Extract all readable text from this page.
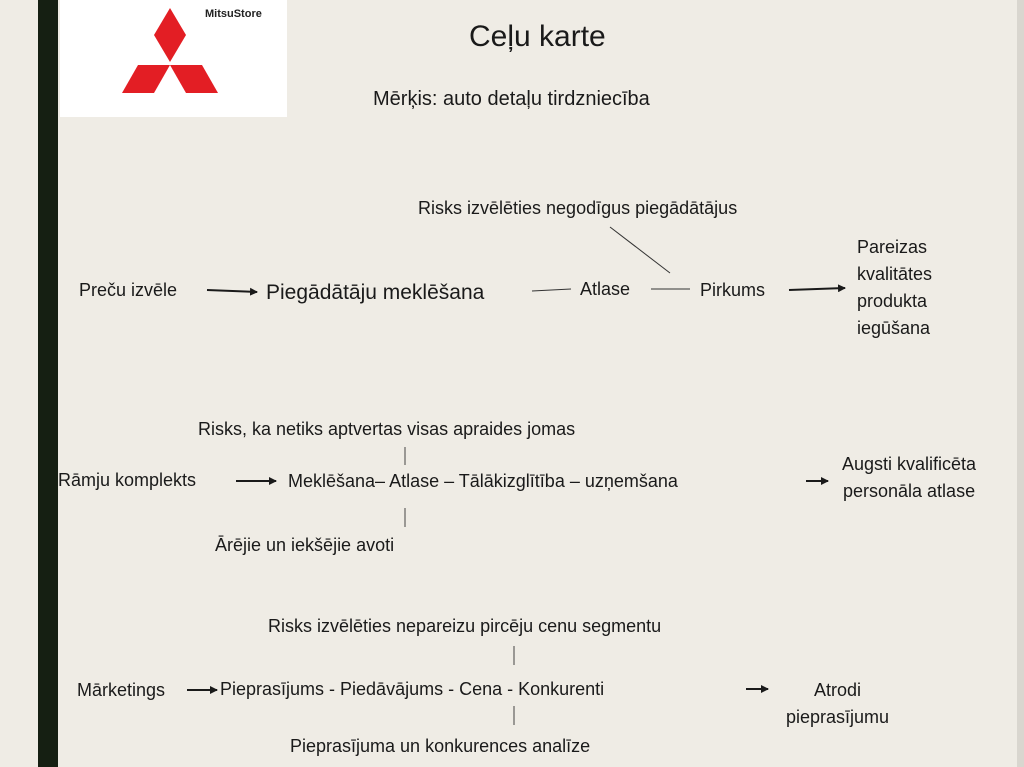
MitsuStore
Ceļu karte
Mērķis: auto detaļu tirdzniecība
Risks izvēlēties negodīgus piegādātājus
Preču izvēle	Piegādātāju meklēšana	Atlase	Pirkums
Pareizas
kvalitātes
produkta
iegūšana
Risks, ka netiks aptvertas visas apraides jomas
Rāmju komplekts	Meklēšana– Atlase – Tālākizglītība – uzņemšana
Ārējie un iekšējie avoti
Augsti kvalificēta
personāla atlase
Risks izvēlēties nepareizu pircēju cenu segmentu
Mārketings	Pieprasījums - Piedāvājums - Cena - Konkurenti
Pieprasījuma un konkurences analīze
Atrodi
pieprasījumu
